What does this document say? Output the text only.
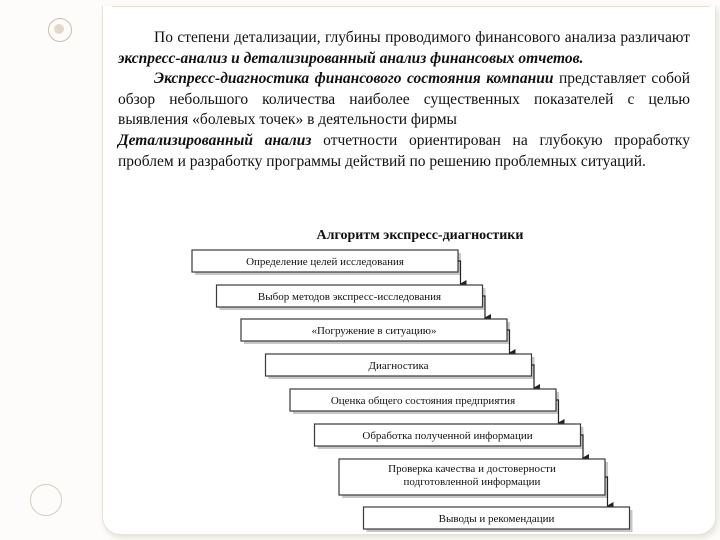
По степени детализации, глубины проводимого финансового анализа различают экспресс-анализ и детализированный анализ финансовых отчетов.

Экспресс-диагностика финансового состояния компании представляет собой обзор небольшого количества наиболее существенных показателей с целью выявления «болевых точек» в деятельности фирмы

Детализированный анализ отчетности ориентирован на глубокую проработку проблем и разработку программы действий по решению проблемных ситуаций.

Алгоритм экспресс-диагностики
Определение целей исследования
Выбор методов экспресс-исследования
«Погружение в ситуацию»
Диагностика
Оценка общего состояния предприятия
Обработка полученной информации
Проверка качества и достоверности
подготовленной информации
Выводы и рекомендации
